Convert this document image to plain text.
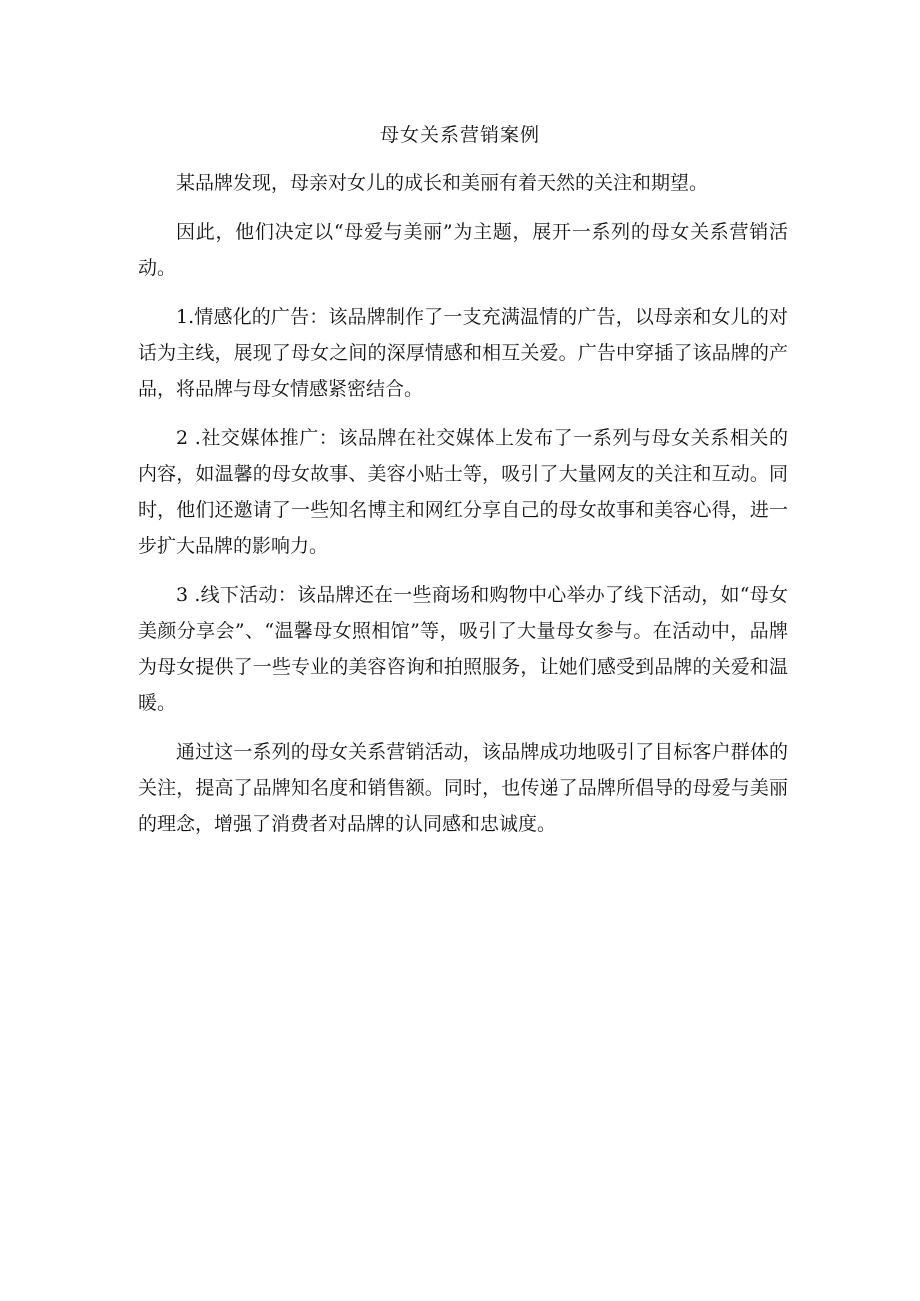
母女关系营销案例

某品牌发现，母亲对女儿的成长和美丽有着天然的关注和期望。

因此，他们决定以“母爱与美丽”为主题，展开一系列的母女关系营销活动。

1.情感化的广告：该品牌制作了一支充满温情的广告，以母亲和女儿的对话为主线，展现了母女之间的深厚情感和相互关爱。广告中穿插了该品牌的产品，将品牌与母女情感紧密结合。

2 .社交媒体推广：该品牌在社交媒体上发布了一系列与母女关系相关的内容，如温馨的母女故事、美容小贴士等，吸引了大量网友的关注和互动。同时，他们还邀请了一些知名博主和网红分享自己的母女故事和美容心得，进一步扩大品牌的影响力。

3 .线下活动：该品牌还在一些商场和购物中心举办了线下活动，如“母女美颜分享会”、“温馨母女照相馆”等，吸引了大量母女参与。在活动中，品牌为母女提供了一些专业的美容咨询和拍照服务，让她们感受到品牌的关爱和温暖。

通过这一系列的母女关系营销活动，该品牌成功地吸引了目标客户群体的关注，提高了品牌知名度和销售额。同时，也传递了品牌所倡导的母爱与美丽的理念，增强了消费者对品牌的认同感和忠诚度。
